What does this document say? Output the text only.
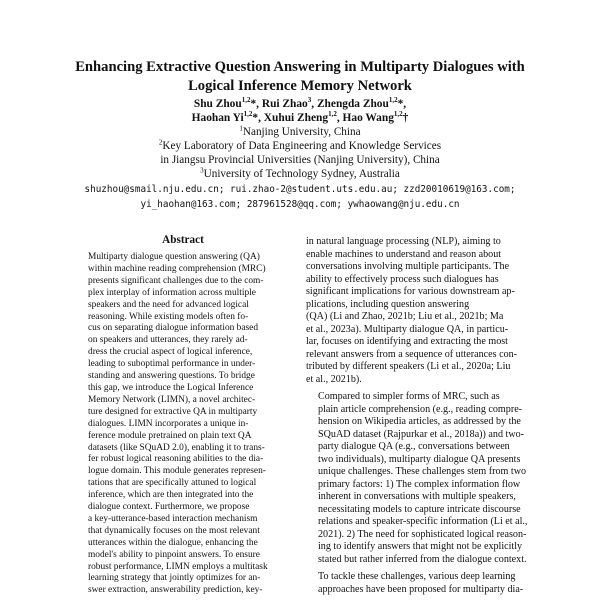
Enhancing Extractive Question Answering in Multiparty Dialogues with
Logical Inference Memory Network
Shu Zhou$^{1,2}$*, Rui Zhao$^3$, Zhengda Zhou$^{1,2}$*,
Haohan Yi$^{1,2}$*, Xuhui Zheng$^{1,2}$, Hao Wang$^{1,2}$†
$^1$Nanjing University, China
$^2$Key Laboratory of Data Engineering and Knowledge Services
in Jiangsu Provincial Universities (Nanjing University), China
$^3$University of Technology Sydney, Australia
shuzhou@smail.nju.edu.cn; rui.zhao-2@student.uts.edu.au; zzd20010619@163.com;
yi_haohan@163.com; 287961528@qq.com; ywhaowang@nju.edu.cn
Abstract
Multiparty dialogue question answering (QA)
within machine reading comprehension (MRC)
presents significant challenges due to the com-
plex interplay of information across multiple
speakers and the need for advanced logical
reasoning. While existing models often fo-
cus on separating dialogue information based
on speakers and utterances, they rarely ad-
dress the crucial aspect of logical inference,
leading to suboptimal performance in under-
standing and answering questions. To bridge
this gap, we introduce the Logical Inference
Memory Network (LIMN), a novel architec-
ture designed for extractive QA in multiparty
dialogues. LIMN incorporates a unique in-
ference module pretrained on plain text QA
datasets (like SQuAD 2.0), enabling it to trans-
fer robust logical reasoning abilities to the dia-
logue domain. This module generates represen-
tations that are specifically attuned to logical
inference, which are then integrated into the
dialogue context. Furthermore, we propose
a key-utterance-based interaction mechanism
that dynamically focuses on the most relevant
utterances within the dialogue, enhancing the
model's ability to pinpoint answers. To ensure
robust performance, LIMN employs a multitask
learning strategy that jointly optimizes for an-
swer extraction, answerability prediction, key-

in natural language processing (NLP), aiming to
enable machines to understand and reason about
conversations involving multiple participants. The
ability to effectively process such dialogues has
significant implications for various downstream ap-
plications, including question answering
(QA) (Li and Zhao, 2021b; Liu et al., 2021b; Ma
et al., 2023a). Multiparty dialogue QA, in particu-
lar, focuses on identifying and extracting the most
relevant answers from a sequence of utterances con-
tributed by different speakers (Li et al., 2020a; Liu
et al., 2021b).

Compared to simpler forms of MRC, such as
plain article comprehension (e.g., reading compre-
hension on Wikipedia articles, as addressed by the
SQuAD dataset (Rajpurkar et al., 2018a)) and two-
party dialogue QA (e.g., conversations between
two individuals), multiparty dialogue QA presents
unique challenges. These challenges stem from two
primary factors: 1) The complex information flow
inherent in conversations with multiple speakers,
necessitating models to capture intricate discourse
relations and speaker-specific information (Li et al.,
2021). 2) The need for sophisticated logical reason-
ing to identify answers that might not be explicitly
stated but rather inferred from the dialogue context.

To tackle these challenges, various deep learning
approaches have been proposed for multiparty dia-
